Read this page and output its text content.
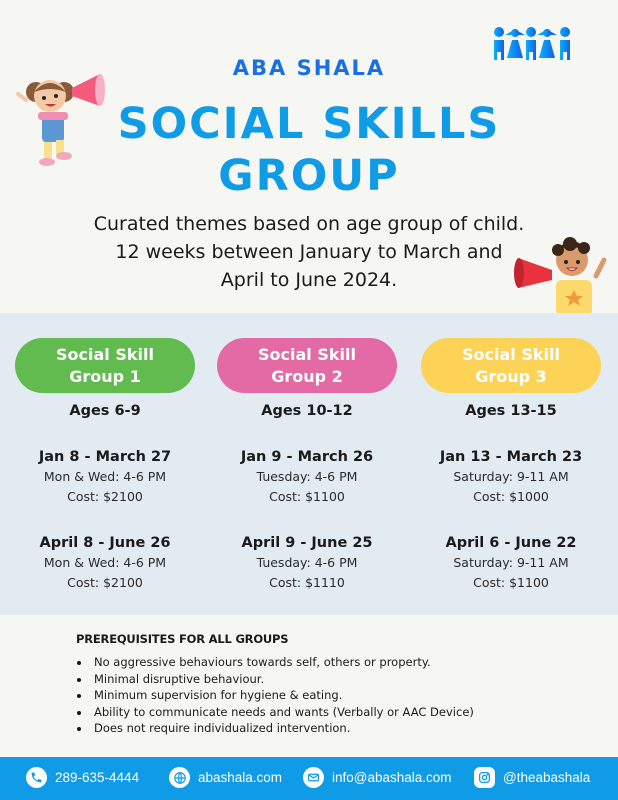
ABA SHALA
SOCIAL SKILLS
GROUP
Curated themes based on age group of child.
12 weeks between January to March and
April to June 2024.
Social Skill
Group 1
Ages 6-9
Jan 8 - March 27
Mon & Wed: 4-6 PM
Cost: $2100
April 8 - June 26
Mon & Wed: 4-6 PM
Cost: $2100
Social Skill
Group 2
Ages 10-12
Jan 9 - March 26
Tuesday: 4-6 PM
Cost: $1100
April 9 - June 25
Tuesday: 4-6 PM
Cost: $1110
Social Skill
Group 3
Ages 13-15
Jan 13 - March 23
Saturday: 9-11 AM
Cost: $1000
April 6 - June 22
Saturday: 9-11 AM
Cost: $1100
PREREQUISITES FOR ALL GROUPS
No aggressive behaviours towards self, others or property.
Minimal disruptive behaviour.
Minimum supervision for hygiene & eating.
Ability to communicate needs and wants (Verbally or AAC Device)
Does not require individualized intervention.
289-635-4444	abashala.com	info@abashala.com	@theabashala
